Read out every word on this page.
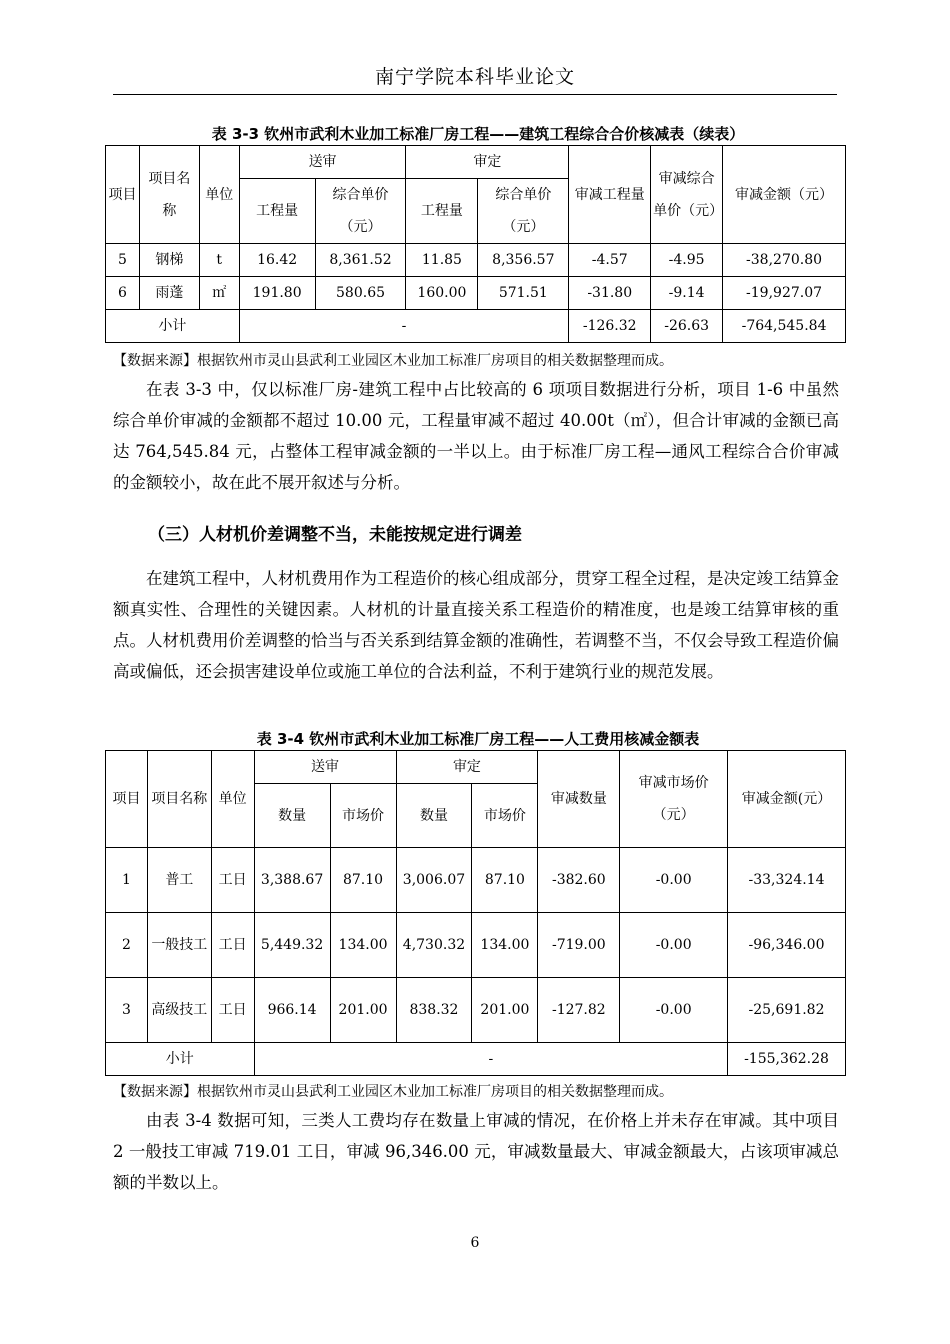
南宁学院本科毕业论文
表 3-3 钦州市武利木业加工标准厂房工程——建筑工程综合合价核减表（续表）
项目	项目名称	单位	送审		审定		审减工程量	审减综合单价（元）	审减金额（元）
			工程量	综合单价（元）	工程量	综合单价（元）			
5	钢梯	t	16.42	8,361.52	11.85	8,356.57	-4.57	-4.95	-38,270.80
6	雨蓬	㎡	191.80	580.65	160.00	571.51	-31.80	-9.14	-19,927.07
小计			-				-126.32	-26.63	-764,545.84
【数据来源】根据钦州市灵山县武利工业园区木业加工标准厂房项目的相关数据整理而成。

在表 3-3 中，仅以标准厂房-建筑工程中占比较高的 6 项项目数据进行分析，项目 1-6 中虽然综合单价审减的金额都不超过 10.00 元，工程量审减不超过 40.00t（㎡），但合计审减的金额已高达 764,545.84 元，占整体工程审减金额的一半以上。由于标准厂房工程—通风工程综合合价审减的金额较小，故在此不展开叙述与分析。

（三）人材机价差调整不当，未能按规定进行调差

在建筑工程中，人材机费用作为工程造价的核心组成部分，贯穿工程全过程，是决定竣工结算金额真实性、合理性的关键因素。人材机的计量直接关系工程造价的精准度，也是竣工结算审核的重点。人材机费用价差调整的恰当与否关系到结算金额的准确性，若调整不当，不仅会导致工程造价偏高或偏低，还会损害建设单位或施工单位的合法利益，不利于建筑行业的规范发展。

表 3-4 钦州市武利木业加工标准厂房工程——人工费用核减金额表
项目	项目名称	单位	送审		审定		审减数量	审减市场价（元）	审减金额(元）
			数量	市场价	数量	市场价			
1	普工	工日	3,388.67	87.10	3,006.07	87.10	-382.60	-0.00	-33,324.14
2	一般技工	工日	5,449.32	134.00	4,730.32	134.00	-719.00	-0.00	-96,346.00
3	高级技工	工日	966.14	201.00	838.32	201.00	-127.82	-0.00	-25,691.82
小计			-						-155,362.28
【数据来源】根据钦州市灵山县武利工业园区木业加工标准厂房项目的相关数据整理而成。

由表 3-4 数据可知，三类人工费均存在数量上审减的情况，在价格上并未存在审减。其中项目 2 一般技工审减 719.01 工日，审减 96,346.00 元，审减数量最大、审减金额最大，占该项审减总额的半数以上。

6
